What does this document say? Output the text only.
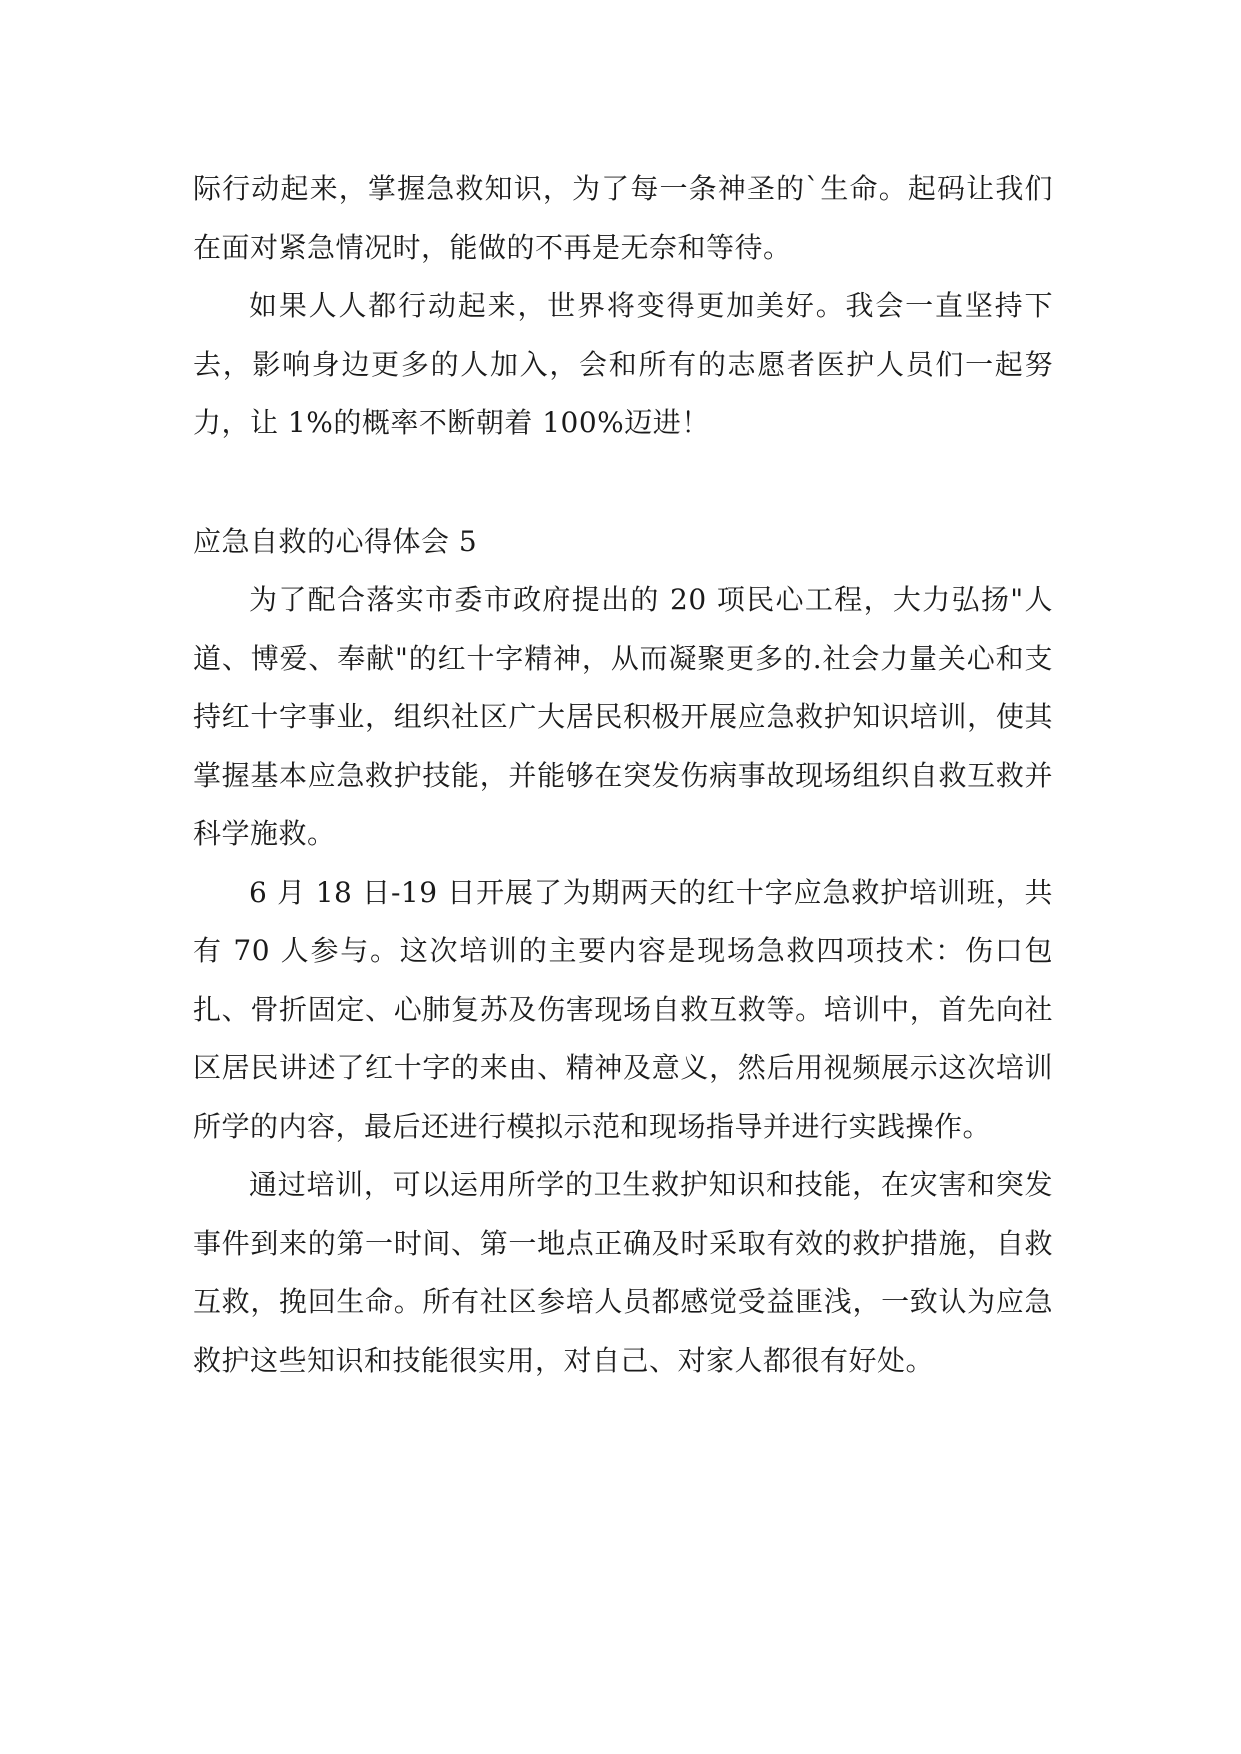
际行动起来，掌握急救知识，为了每一条神圣的`生命。起码让我们在面对紧急情况时，能做的不再是无奈和等待。

如果人人都行动起来，世界将变得更加美好。我会一直坚持下去，影响身边更多的人加入，会和所有的志愿者医护人员们一起努力，让 1%的概率不断朝着 100%迈进！

应急自救的心得体会 5

为了配合落实市委市政府提出的 20 项民心工程，大力弘扬"人道、博爱、奉献"的红十字精神，从而凝聚更多的.社会力量关心和支持红十字事业，组织社区广大居民积极开展应急救护知识培训，使其掌握基本应急救护技能，并能够在突发伤病事故现场组织自救互救并科学施救。

6 月 18 日-19 日开展了为期两天的红十字应急救护培训班，共有 70 人参与。这次培训的主要内容是现场急救四项技术：伤口包扎、骨折固定、心肺复苏及伤害现场自救互救等。培训中，首先向社区居民讲述了红十字的来由、精神及意义，然后用视频展示这次培训所学的内容，最后还进行模拟示范和现场指导并进行实践操作。

通过培训，可以运用所学的卫生救护知识和技能，在灾害和突发事件到来的第一时间、第一地点正确及时采取有效的救护措施，自救互救，挽回生命。所有社区参培人员都感觉受益匪浅，一致认为应急救护这些知识和技能很实用，对自己、对家人都很有好处。
